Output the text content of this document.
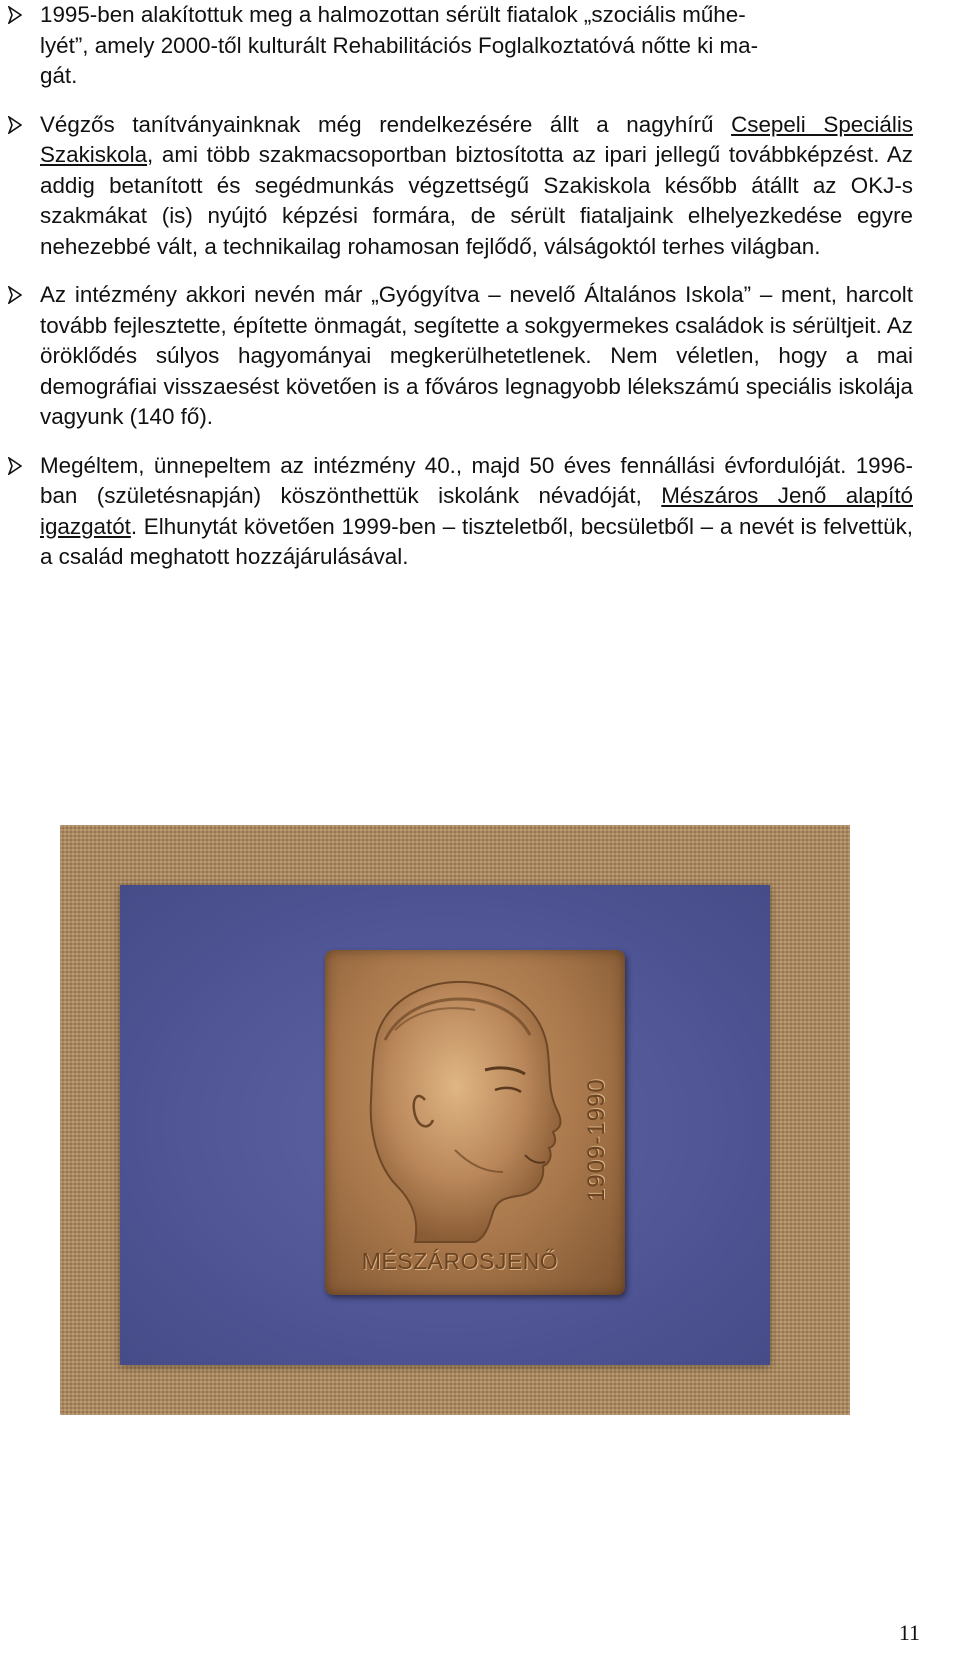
1995-ben alakítottuk meg a halmozottan sérült fiatalok „szociális műhe-
lyét”, amely 2000-től kulturált Rehabilitációs Foglalkoztatóvá nőtte ki ma-
gát.
Végzős tanítványainknak még rendelkezésére állt a nagyhírű Csepeli Speciális Szakiskola, ami több szakmacsoportban biztosította az ipari jellegű továbbképzést. Az addig betanított és segédmunkás végzettségű Szakiskola később átállt az OKJ-s szakmákat (is) nyújtó képzési formára, de sérült fiataljaink elhelyezkedése egyre nehezebbé vált, a technikailag rohamosan fejlődő, válságoktól terhes világban.
Az intézmény akkori nevén már „Gyógyítva – nevelő Általános Iskola” – ment, harcolt tovább fejlesztette, építette önmagát, segítette a sokgyermekes családok is sérültjeit. Az öröklődés súlyos hagyományai megkerülhetetlenek. Nem véletlen, hogy a mai demográfiai visszaesést követően is a főváros legnagyobb lélekszámú speciális iskolája vagyunk (140 fő).
Megéltem, ünnepeltem az intézmény 40., majd 50 éves fennállási évfordulóját. 1996-ban (születésnapján) köszönthettük iskolánk névadóját, Mészáros Jenő alapító igazgatót. Elhunytát követően 1999-ben – tiszteletből, becsületből – a nevét is felvettük, a család meghatott hozzájárulásával.
1909-1990
MÉSZÁROSJENŐ
11
